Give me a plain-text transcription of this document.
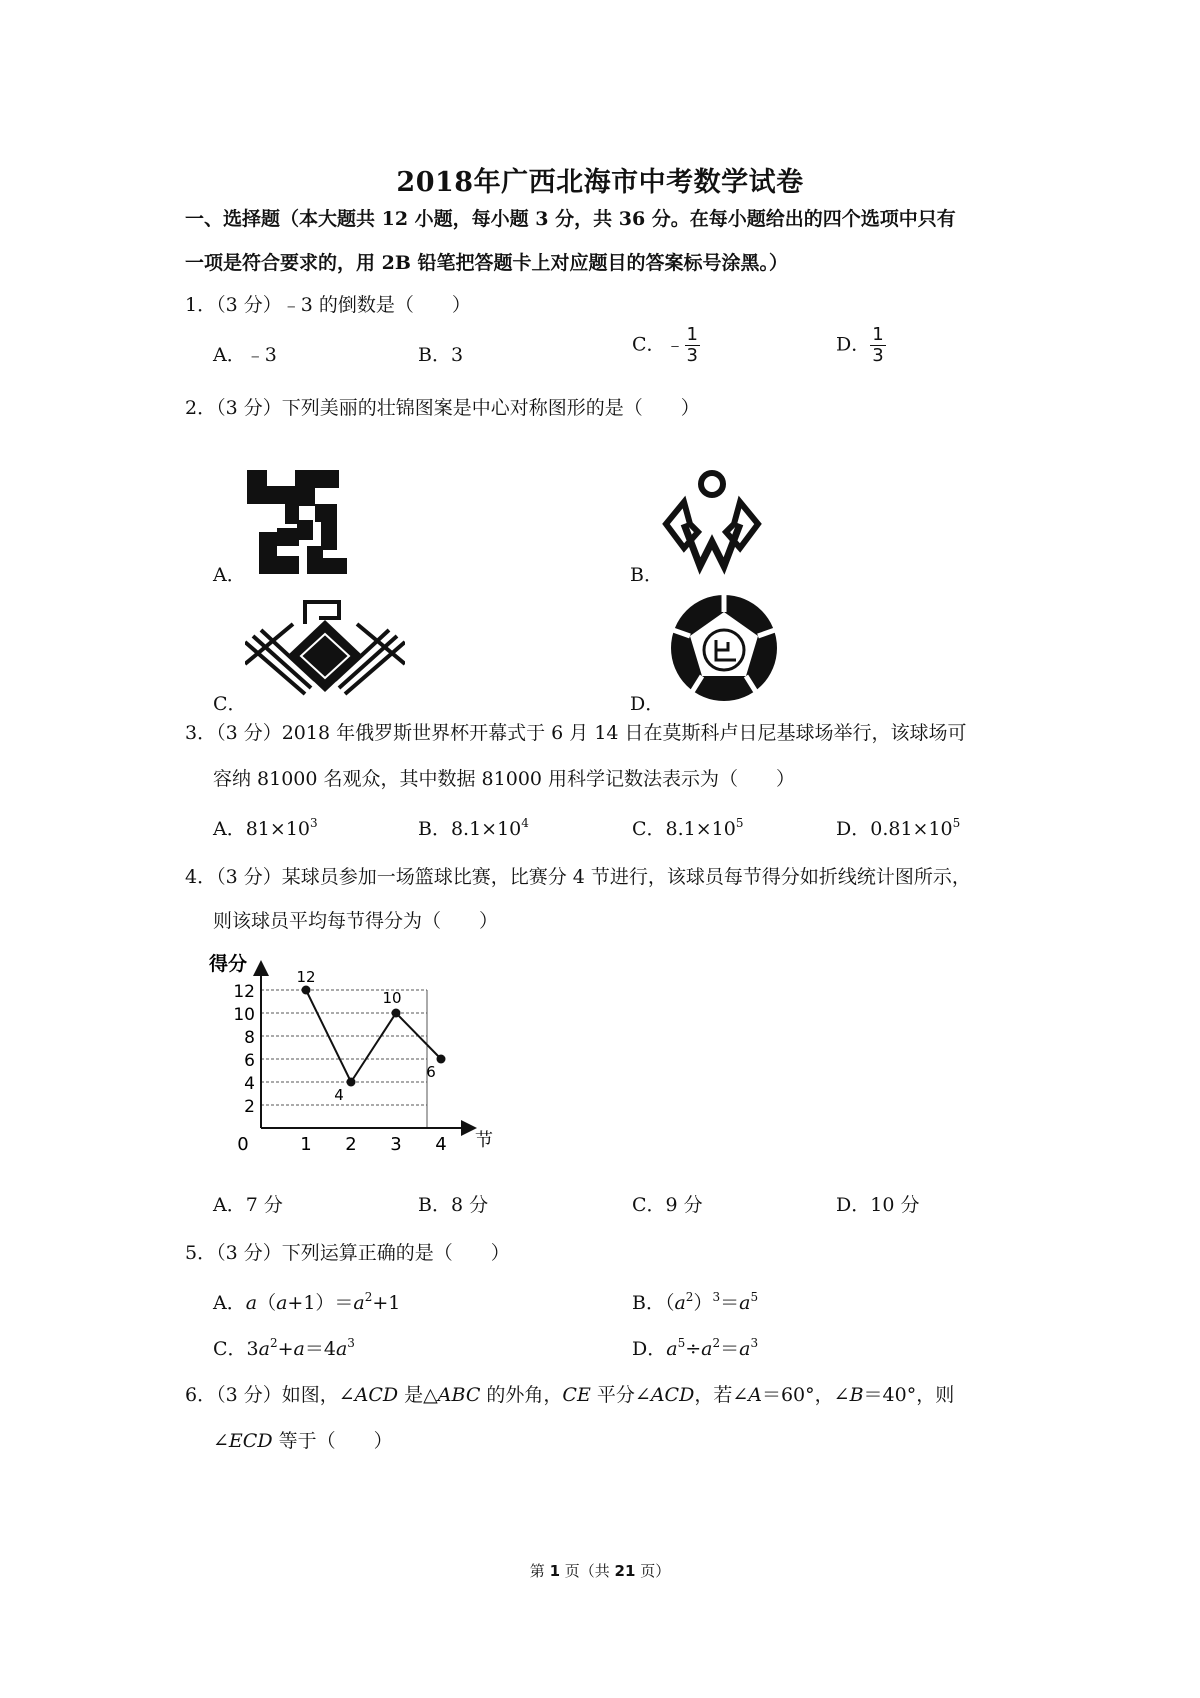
2018年广西北海市中考数学试卷
一、选择题（本大题共 12 小题，每小题 3 分，共 36 分。在每小题给出的四个选项中只有
一项是符合要求的，用 2B 铅笔把答题卡上对应题目的答案标号涂黑。）
1．（3 分）﹣3 的倒数是（　　）
A．﹣3	B．3	C．﹣ $\frac{1}{3}$	D． $\frac{1}{3}$
2．（3 分）下列美丽的壮锦图案是中心对称图形的是（　　）
A．	B．
C．	D．
3．（3 分）2018 年俄罗斯世界杯开幕式于 6 月 14 日在莫斯科卢日尼基球场举行，该球场可
容纳 81000 名观众，其中数据 81000 用科学记数法表示为（　　）
A．$81\times 10^3$	B．$8.1\times 10^4$	C．$8.1\times 10^5$	D．$0.81\times 10^5$
4．（3 分）某球员参加一场篮球比赛，比赛分 4 节进行，该球员每节得分如折线统计图所示，
则该球员平均每节得分为（　　）
得分
节
2
4
6
8
10
12
0	1 2 3 4
12
4
10
6
A．7 分	B．8 分	C．9 分	D．10 分
5．（3 分）下列运算正确的是（　　）
A．$a(a+1)=a^2+1$	B．$(a^2)^3=a^5$
C．$3a^2+a=4a^3$	D．$a^5\div a^2=a^3$
6．（3 分）如图，∠ACD 是△ABC 的外角，CE 平分∠ACD，若∠A＝60°，∠B＝40°，则
∠ECD 等于（　　）
第 1 页（共 21 页）
